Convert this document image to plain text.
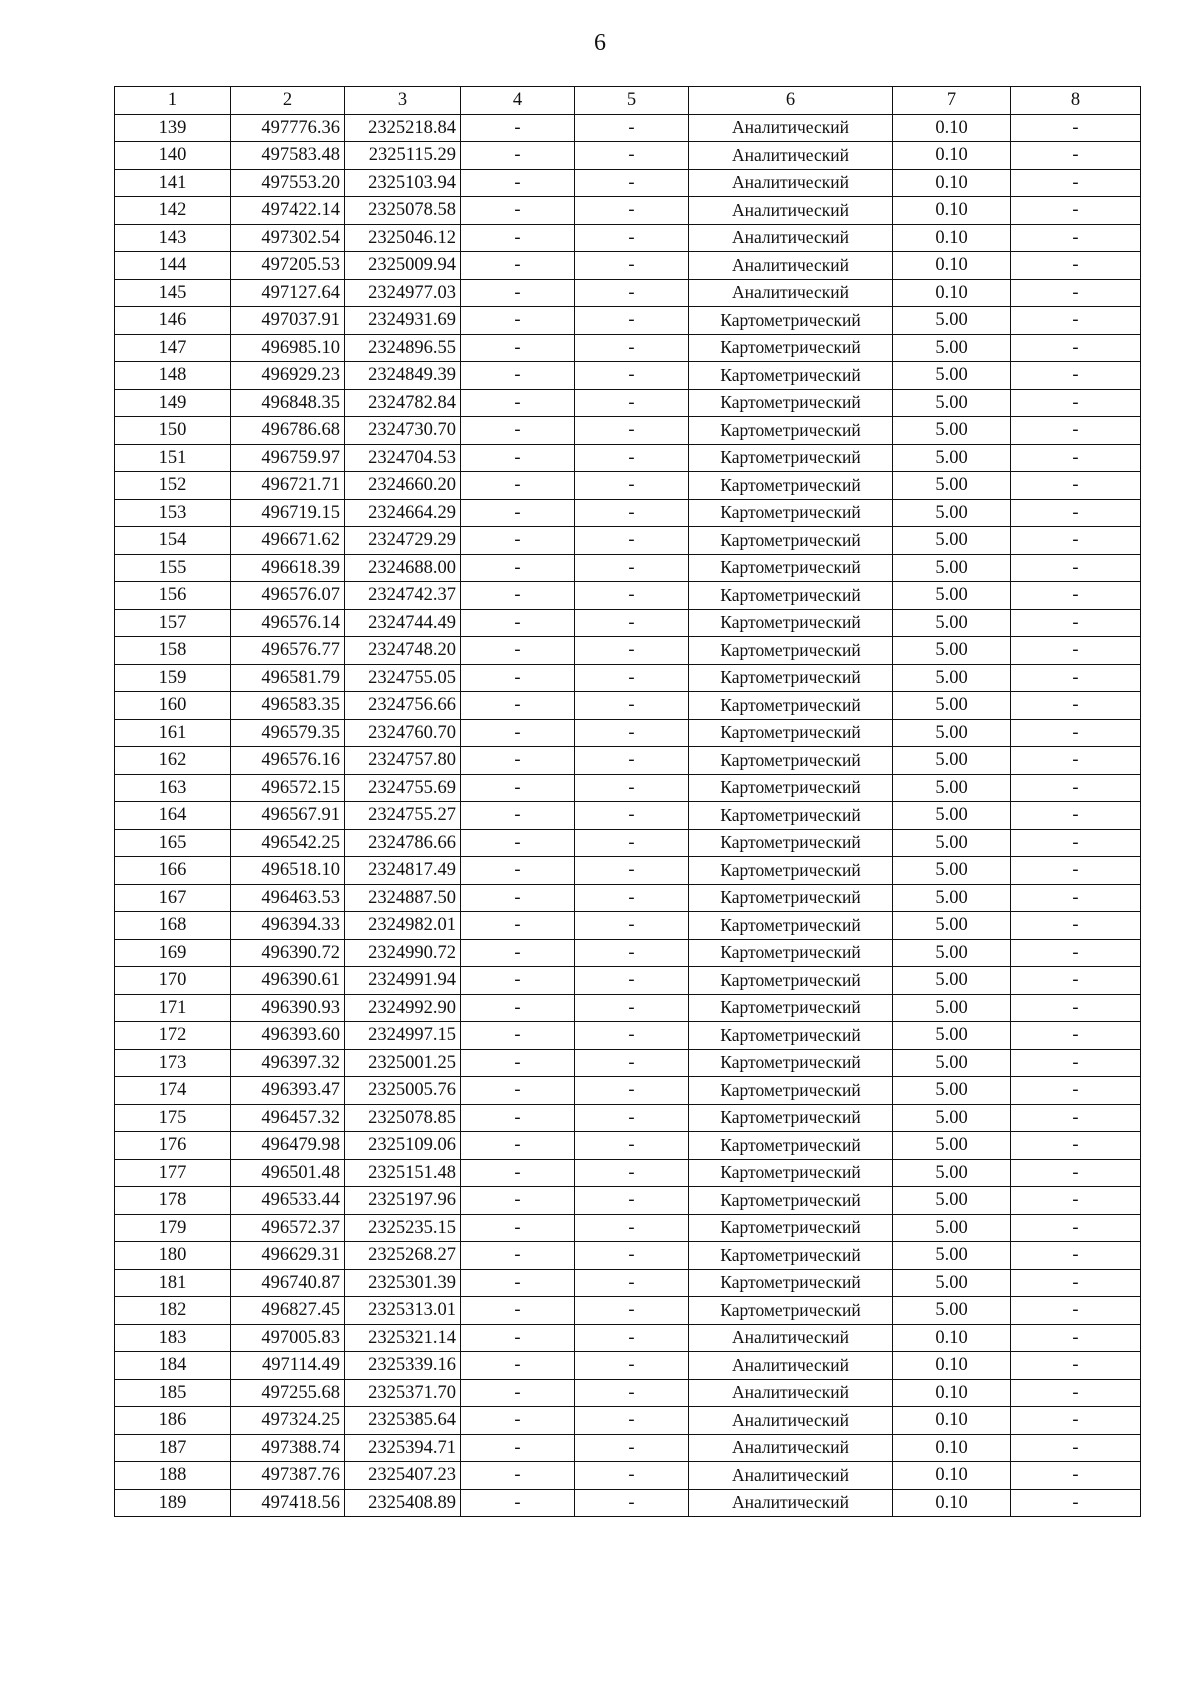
6
1	2	3	4	5	6	7	8
139	497776.36	2325218.84	-	-	Аналитический	0.10	-
140	497583.48	2325115.29	-	-	Аналитический	0.10	-
141	497553.20	2325103.94	-	-	Аналитический	0.10	-
142	497422.14	2325078.58	-	-	Аналитический	0.10	-
143	497302.54	2325046.12	-	-	Аналитический	0.10	-
144	497205.53	2325009.94	-	-	Аналитический	0.10	-
145	497127.64	2324977.03	-	-	Аналитический	0.10	-
146	497037.91	2324931.69	-	-	Картометрический	5.00	-
147	496985.10	2324896.55	-	-	Картометрический	5.00	-
148	496929.23	2324849.39	-	-	Картометрический	5.00	-
149	496848.35	2324782.84	-	-	Картометрический	5.00	-
150	496786.68	2324730.70	-	-	Картометрический	5.00	-
151	496759.97	2324704.53	-	-	Картометрический	5.00	-
152	496721.71	2324660.20	-	-	Картометрический	5.00	-
153	496719.15	2324664.29	-	-	Картометрический	5.00	-
154	496671.62	2324729.29	-	-	Картометрический	5.00	-
155	496618.39	2324688.00	-	-	Картометрический	5.00	-
156	496576.07	2324742.37	-	-	Картометрический	5.00	-
157	496576.14	2324744.49	-	-	Картометрический	5.00	-
158	496576.77	2324748.20	-	-	Картометрический	5.00	-
159	496581.79	2324755.05	-	-	Картометрический	5.00	-
160	496583.35	2324756.66	-	-	Картометрический	5.00	-
161	496579.35	2324760.70	-	-	Картометрический	5.00	-
162	496576.16	2324757.80	-	-	Картометрический	5.00	-
163	496572.15	2324755.69	-	-	Картометрический	5.00	-
164	496567.91	2324755.27	-	-	Картометрический	5.00	-
165	496542.25	2324786.66	-	-	Картометрический	5.00	-
166	496518.10	2324817.49	-	-	Картометрический	5.00	-
167	496463.53	2324887.50	-	-	Картометрический	5.00	-
168	496394.33	2324982.01	-	-	Картометрический	5.00	-
169	496390.72	2324990.72	-	-	Картометрический	5.00	-
170	496390.61	2324991.94	-	-	Картометрический	5.00	-
171	496390.93	2324992.90	-	-	Картометрический	5.00	-
172	496393.60	2324997.15	-	-	Картометрический	5.00	-
173	496397.32	2325001.25	-	-	Картометрический	5.00	-
174	496393.47	2325005.76	-	-	Картометрический	5.00	-
175	496457.32	2325078.85	-	-	Картометрический	5.00	-
176	496479.98	2325109.06	-	-	Картометрический	5.00	-
177	496501.48	2325151.48	-	-	Картометрический	5.00	-
178	496533.44	2325197.96	-	-	Картометрический	5.00	-
179	496572.37	2325235.15	-	-	Картометрический	5.00	-
180	496629.31	2325268.27	-	-	Картометрический	5.00	-
181	496740.87	2325301.39	-	-	Картометрический	5.00	-
182	496827.45	2325313.01	-	-	Картометрический	5.00	-
183	497005.83	2325321.14	-	-	Аналитический	0.10	-
184	497114.49	2325339.16	-	-	Аналитический	0.10	-
185	497255.68	2325371.70	-	-	Аналитический	0.10	-
186	497324.25	2325385.64	-	-	Аналитический	0.10	-
187	497388.74	2325394.71	-	-	Аналитический	0.10	-
188	497387.76	2325407.23	-	-	Аналитический	0.10	-
189	497418.56	2325408.89	-	-	Аналитический	0.10	-
